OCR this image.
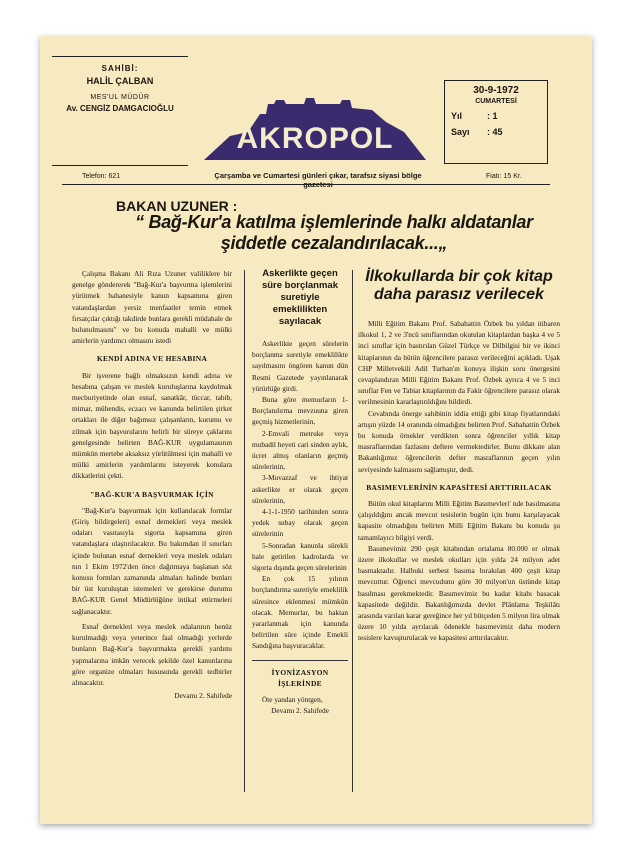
SAHİBİ:
HALİL ÇALBAN
MES'UL MÜDÜR
Av. CENGİZ DAMGACIOĞLU
AKROPOL
30-9-1972
CUMARTESİ
Yıl	: 1
Sayı	: 45
Telefon: 621	Çarşamba ve Cumartesi günleri çıkar, tarafsız siyasi bölge gazetesi
Fiatı: 15 Kr.
BAKAN UZUNER :
“ Bağ-Kur'a katılma işlemlerinde halkı aldatanlar
şiddetle cezalandırılacak...„

Çalışma Bakanı Ali Rıza Uzuner valiliklere bir genelge göndererek "Bağ-Kur'a başvurma işlemlerini yürütmek bahanesiyle kanun kapsamına giren vatandaşlardan yersiz menfaatler temin etmek fırsatçılar çıktığı takdirde bunlara gerekli müdahale de bulunulmasını" ve bu konuda mahalli ve mülki amirlerin yardımcı olmasını istedi

KENDİ ADINA VE HESABINA

Bir işverene bağlı olmaksızın kendi adına ve hesabına çalışan ve meslek kuruluşlarına kaydolmak mecburiyetinde olan esnaf, sanatkâr, tüccar, tabib, mimar, mühendis, eczacı ve kanunda belirtilen şirket ortakları ile diğer bağımsız çalışanların, kurumu ve zilmak için başvurularını belirli bir süreye çaklarını genelgesinde belirten BAĞ-KUR uygulamasının mümkün mertebe aksaksız yürütülmesi için mahalli ve mülki amirlerin yardımlarını isteyerek konulara dikkatlerini çekti.

"BAĞ-KUR'A BAŞVURMAK İÇİN

"Bağ-Kur'a başvurmak için kullanılacak formlar (Giriş bildirgeleri) esnaf dernekleri veya meslek odaları vasıtasıyla sigorta kapsamına giren vatandaşlara ulaştırılacaktır. Bu bakımdan il sınırları içinde bulunan esnaf dernekleri veya meslek odaları nın 1 Ekim 1972'den önce dağıtmaya başlanan söz konusu formları zamanında almaları halinde bunları bir üst kuruluştan istemeleri ve gerekirse durumu BAĞ-KUR Genel Müdürlüğüne intikal ettirmeleri sağlanacaktır.

Esnaf dernekleri veya meslek odalarının henüz kurulmadığı veya yeterince faal olmadığı yerlerde bunların Bağ-Kur'a başvurmakta gerekli yardımı yapmalarına imkân verecek şekilde özel kanunlarına göre organize olmaları hususunda gerekli tedbirler alınacaktır.

Devamı 2. Sahifede
Askerlikte geçen süre borçlanmak suretiyle emeklilikten sayılacak

Askerlikte geçen sürelerin borçlanma suretiyle emeklilikte sayılmasını öngören kanun dün Resmi Gazetede yayınlanarak yürürlüğe girdi.

Buna göre memurların 1-Borçlanılırma mevzuuna giren geçmiş hizmetlerinin,

2-Emvali metruke veya mubadil heyeti cari sinden aylık, ücret almış olanların geçmiş sürelerinin,

3-Muvazzaf ve ihtiyat askerlikte er olarak geçen sürelerinin,

4-1-1-1950 tarihinden sonra yedek subay olarak geçen sürelerinin

5-Sonradan kanunla sürekli hale getirilen kadrolarda ve sigorta dışında geçen sürelerinin

En çok 15 yılının borçlandırma suretiyle emeklilik süresince eklenmesi mümkün olacak. Memurlar, bu haktan yararlanmak için kanunda belirtilen süre içinde Emekli Sandığına başvuracaklar.

İYONİZASYON İŞLERİNDE

Öte yandan yöntgen,

Devamı 2. Sahifede
İlkokullarda bir çok kitap daha parasız verilecek

Milli Eğitim Bakanı Prof. Sabahattin Özbek bu yıldan itibaren ilkokul 1, 2 ve 3'ncü sınıflarından okutulan kitaplardan başka 4 ve 5 inci sınıflar için bastırılan Güzel Türkçe ve Dilbilgisi bir ve ikinci kitaplarının da bütün öğrencilere parasız verileceğini açıkladı. Uşak CHP Milletvekili Adil Turhan'ın konuya ilişkin soru önergesini cevaplandıran Milli Eğitim Bakanı Prof. Özbek ayrıca 4 ve 5 inci sınıflar Fen ve Tabiat kitaplarının da Fakir öğrencilere parasız olarak verilmesinin kararlaştırıldığını bildirdi.

Cevabında önerge sahibinin iddia ettiği gibi kitap fiyatlarındaki artışın yüzde 14 oranında olmadığını belirten Prof. Sabahattin Özbek bu konuda örnekler verdikten sonra öğrenciler yıllık kitap masraflarından fazlasını deftere vermektedirler. Bunu dikkate alan Bakanlığımız öğrencilerin defter masraflarının geçen yılın seviyesinde kalmasını sağlamıştır, dedi.

BASIMEVLERİNİN KAPASİTESİ ARTTIRILACAK

Bütün okul kitaplarını Milli Eğitim Basımevleri' nde basılmasına çalışıldığını ancak mevcut tesislerin bugün için bunu karşılayacak kapasite olmadığını belirten Milli Eğitim Bakanı bu konuda şu tamamlayıcı bilgiyi verdi.

Basımevimiz 290 çeşit kitabından ortalama 80.000 er olmak üzere ilkokullar ve meslek okulları için yılda 24 milyon adet basmaktadır. Halbuki serbest basıma bırakılan 400 çeşit kitap mevcuttur. Öğrenci mevcudunu göre 30 milyon'un üstünde kitap basılması gerekmektedir. Basımevimiz bu kadar kitabı basacak kapasitede değildir. Bakanlığımızda devlet Plânlama Teşkilâtı arasında varılan karar gereğince her yıl bütçeden 5 milyon lira olmak üzere 10 yılda ayrılacak ödenekle basımevimiz daha modern tesislere kavuşturulacak ve kapasitesi arttırılacaktır.
